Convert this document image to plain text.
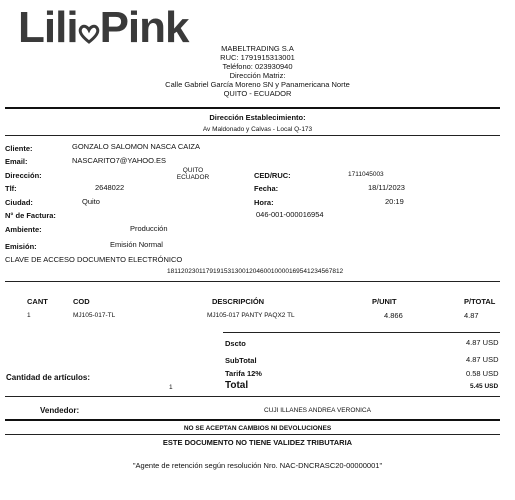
Lili Pink	MABELTRADING S.A
RUC: 1791915313001
Teléfono: 023930940
Dirección Matriz:
Calle Gabriel García Moreno SN y Panamericana Norte
QUITO - ECUADOR
Dirección Establecimiento:
Av Maldonado y Calvas - Local Q-173
Cliente:	GONZALO SALOMON NASCA CAIZA
Email:	NASCARITO7@YAHOO.ES
Dirección:
QUITO
ECUADOR	CED/RUC:	1711045003
Tlf:	2648022	Fecha:	18/11/2023
Ciudad:	Quito	Hora:	20:19
N° de Factura:	046-001-000016954
Ambiente:	Producción
Emisión:	Emisión Normal
CLAVE DE ACCESO DOCUMENTO ELECTRÓNICO
1811202301179191531300120460010000169541234567812
CANT	COD	DESCRIPCIÓN	P/UNIT	P/TOTAL
1	MJ105-017-TL	MJ105-017 PANTY PAQX2 TL	4.866	4.87
Dscto	4.87 USD
SubTotal	4.87 USD
Tarifa 12%	0.58 USD
Total	5.45 USD
Cantidad de artículos:
1
Vendedor:	CUJI ILLANES ANDREA VERONICA
NO SE ACEPTAN CAMBIOS NI DEVOLUCIONES
ESTE DOCUMENTO NO TIENE VALIDEZ TRIBUTARIA
"Agente de retención según resolución Nro. NAC-DNCRASC20-00000001"
